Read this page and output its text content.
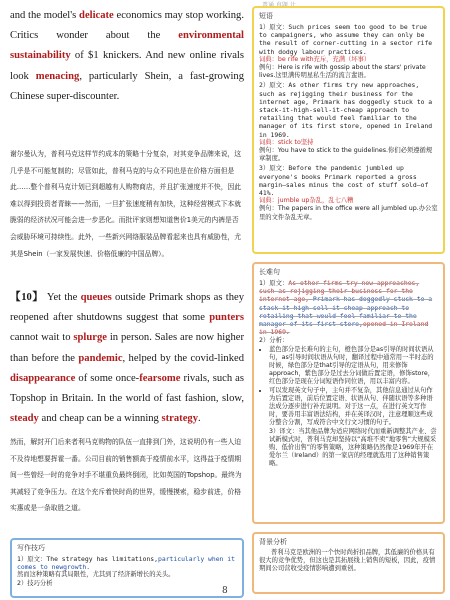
and the model's delicate economics may stop working. Critics wonder about the environmental sustainability of $1 knickers. And new online rivals look menacing, particularly Shein, a fast-growing Chinese super-discounter.
谢尔曼认为，普利马克这样节约成本的策略十分复杂，对其竞争品牌来说，这几乎是不可能复制的；尽管如此，普利马克的与众不同也是在价格方面但是此……整个普利马克计划已到超越有人购物商店，并且扩张速度并不快，因此难以得到投资者青睐——然而，一旦扩张速度稍有加快，这种经营模式下本就脆弱的经济状况可能会进一步恶化。而批评家则想知道售价1美元的内裤是否会威胁环境可持续性。此外，一些新兴网络服装品牌看起来也具有威胁性，尤其是Shein（一家发展快速、价格低廉的中国品牌）。
【10】 Yet the queues outside Primark shops as they reopened after shutdowns suggest that some punters cannot wait to splurge in person. Sales are now higher than before the pandemic, helped by the covid-linked disappearance of some once-fearsome rivals, such as Topshop in Britain. In the world of fast fashion, slow, steady and cheap can be a winning strategy.
然而，解封开门后来者利马克购物的队伍一直排到门外，这说明仍有一些人迫不及待地想要挥霍一番。公司目前的销售额高于疫情前水平，这得益于疫情期间一些曾经一时的竞争对手不堪重负最终倒闭，比如英国的Topshop。最终为其减轻了竞争压力。在这个充斥着快时尚的世界，缓慢摸索，稳步前进，价格实惠或是一条取胜之道。
短语
1）原文：Such prices seem too good to be true to campaigners, who assume they can only be the result of corner-cutting in a sector rife with dodgy labour practices.
词典：be rife with充斥，充满（坏事）
例句：Here is rife with gossip about the stars' private lives.这里满传明星私生活的流言蜚语。
2）原文：As other firms try new approaches, such as rejigging their business for the internet age, Primark has doggedly stuck to a stack-it-high-sell-it-cheap approach to retailing that would feel familiar to the manager of its first store, opened in Ireland in 1969.
词典：stick to坚持
例句：You have to stick to the guidelines.你们必须遵循规章制度。
3）原文：Before the pandemic jumbled up everyone's books Primark reported a gross margin—sales minus the cost of stuff sold—of 41%.
词典：jumble up杂乱，乱七八糟
例句：The papers in the office were all jumbled up.办公室里的文件杂乱无章。
长难句
1）原文：As other firms try new approaches, such as rejigging their business for the internet age, Primark has doggedly stuck to a stack-it-high-sell-it-cheap approach to retailing that would feel familiar to the manager of its first store,opened in Ireland in 1969.
2）分析：
• 蓝色部分是长难句的主句，橙色部分是as引导的时间状语从句，as引导时间状语从句时，翻译过程中通常用一半时态的时候，绿色部分是that引导的定语从句，用来修饰approach，紫色部分是过去分词做后置定语，修饰store，红色部分是现在分词短语作同位语，用以丰富内容。
• 可以发现英文句子中，主句并不复杂，其他信息通过从句作为后置定语，前后位置定语、状语从句、伴随状语等多种语法成分逐步进行补充说明。对于这一点，在进行英文写作时，要善用丰富语法结构，并在英译汉时，注意理顺这些成分整合分割，写成符合中文行文习惯的句子。
3）译文：当其他品牌为适应网络时代而重新调整其产业、尝试新模式时，普利马克却坚持以“高堆不卖”地零售“大规模采购、低价出售”的零售策略，这种策略仍然像是1969年开在爱尔兰（Ireland）的第一家店的经理就选用了这种销售策略。
写作技巧
1）原文：The strategy has limitations,particularly when it comes to newgrowth.
然而这种策略有其局限性，尤其到了经济新增长的关头。
2）技巧分析
背景分析
普利马克是欧洲的一个快时尚折扣品牌，其低廉的价格具有很大的竞争优势，但这也是其拓展线上销售的短板，因此，疫情期间公司营收受疫情影响遭到重创。
8
